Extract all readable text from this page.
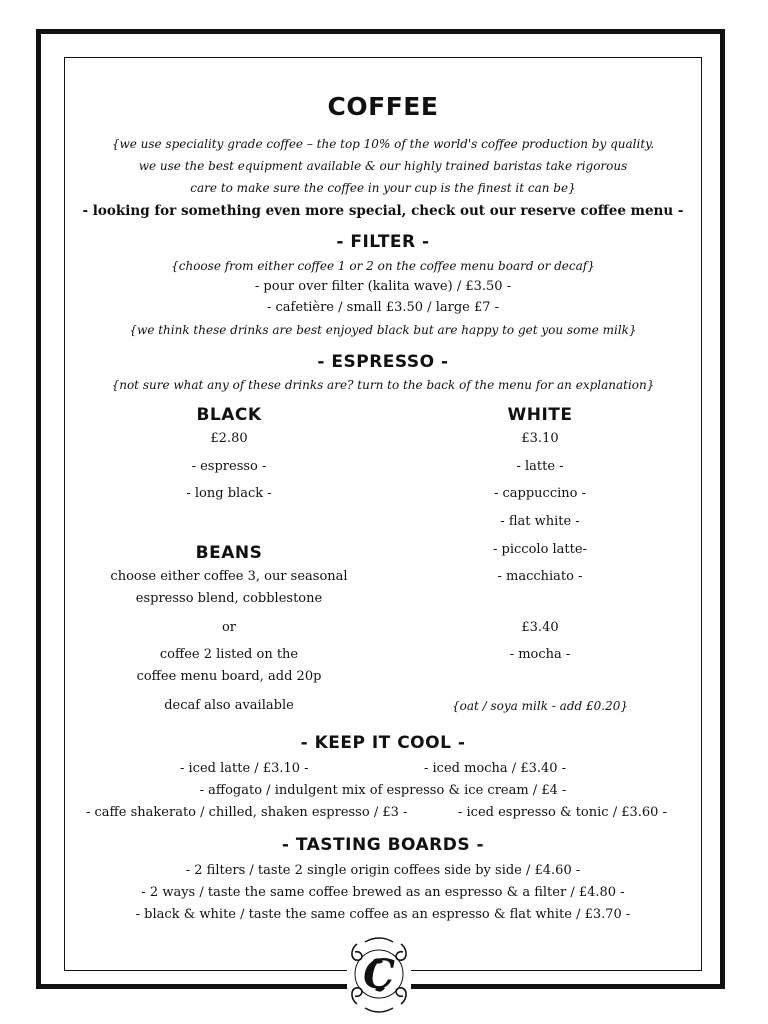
COFFEE
{we use speciality grade coffee – the top 10% of the world's coffee production by quality.
we use the best equipment available & our highly trained baristas take rigorous
care to make sure the coffee in your cup is the finest it can be}
- looking for something even more special, check out our reserve coffee menu -
- FILTER -
{choose from either coffee 1 or 2 on the coffee menu board or decaf}
- pour over filter (kalita wave) / £3.50 -
- cafetière / small £3.50 / large £7 -
{we think these drinks are best enjoyed black but are happy to get you some milk}
- ESPRESSO -
{not sure what any of these drinks are? turn to the back of the menu for an explanation}
BLACK
£2.80
- espresso -
- long black -
BEANS
choose either coffee 3, our seasonal
espresso blend, cobblestone
or
coffee 2 listed on the
coffee menu board, add 20p
decaf also available
WHITE
£3.10
- latte -
- cappuccino -
- flat white -
- piccolo latte-
- macchiato -
£3.40
- mocha -
{oat / soya milk - add £0.20}
- KEEP IT COOL -
- iced latte / £3.10 -	- iced mocha / £3.40 -
- affogato / indulgent mix of espresso & ice cream / £4 -
- caffe shakerato / chilled, shaken espresso / £3 -	- iced espresso & tonic / £3.60 -
- TASTING BOARDS -
- 2 filters / taste 2 single origin coffees side by side / £4.60 -
- 2 ways / taste the same coffee brewed as an espresso & a filter / £4.80 -
- black & white / taste the same coffee as an espresso & flat white / £3.70 -
C
